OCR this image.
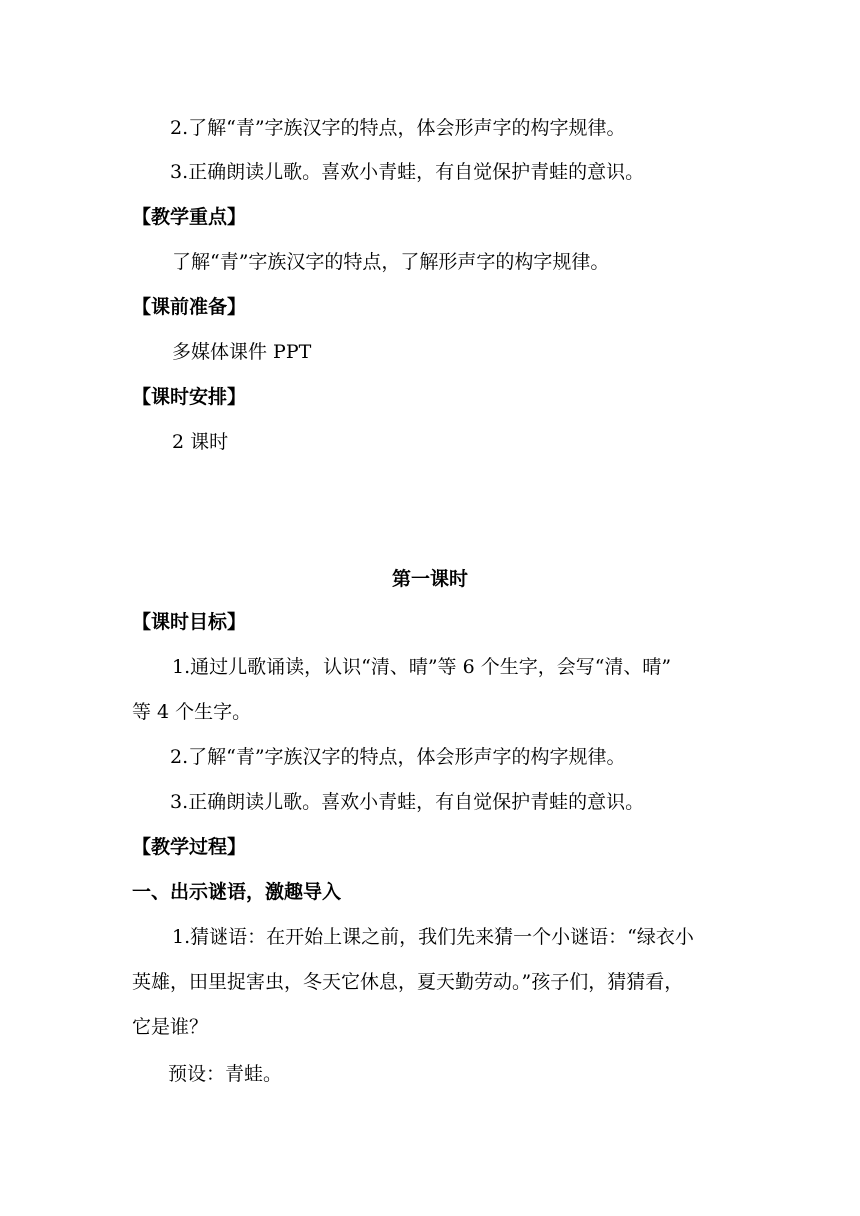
2.了解“青”字族汉字的特点，体会形声字的构字规律。
3.正确朗读儿歌。喜欢小青蛙，有自觉保护青蛙的意识。
【教学重点】
了解“青”字族汉字的特点，了解形声字的构字规律。
【课前准备】
多媒体课件 PPT
【课时安排】
2 课时
第一课时
【课时目标】
1.通过儿歌诵读，认识“清、晴”等 6 个生字，会写“清、晴”
等 4 个生字。
2.了解“青”字族汉字的特点，体会形声字的构字规律。
3.正确朗读儿歌。喜欢小青蛙，有自觉保护青蛙的意识。
【教学过程】
一、出示谜语，激趣导入
1.猜谜语：在开始上课之前，我们先来猜一个小谜语：“绿衣小
英雄，田里捉害虫，冬天它休息，夏天勤劳动。”孩子们，猜猜看，
它是谁？
预设：青蛙。
